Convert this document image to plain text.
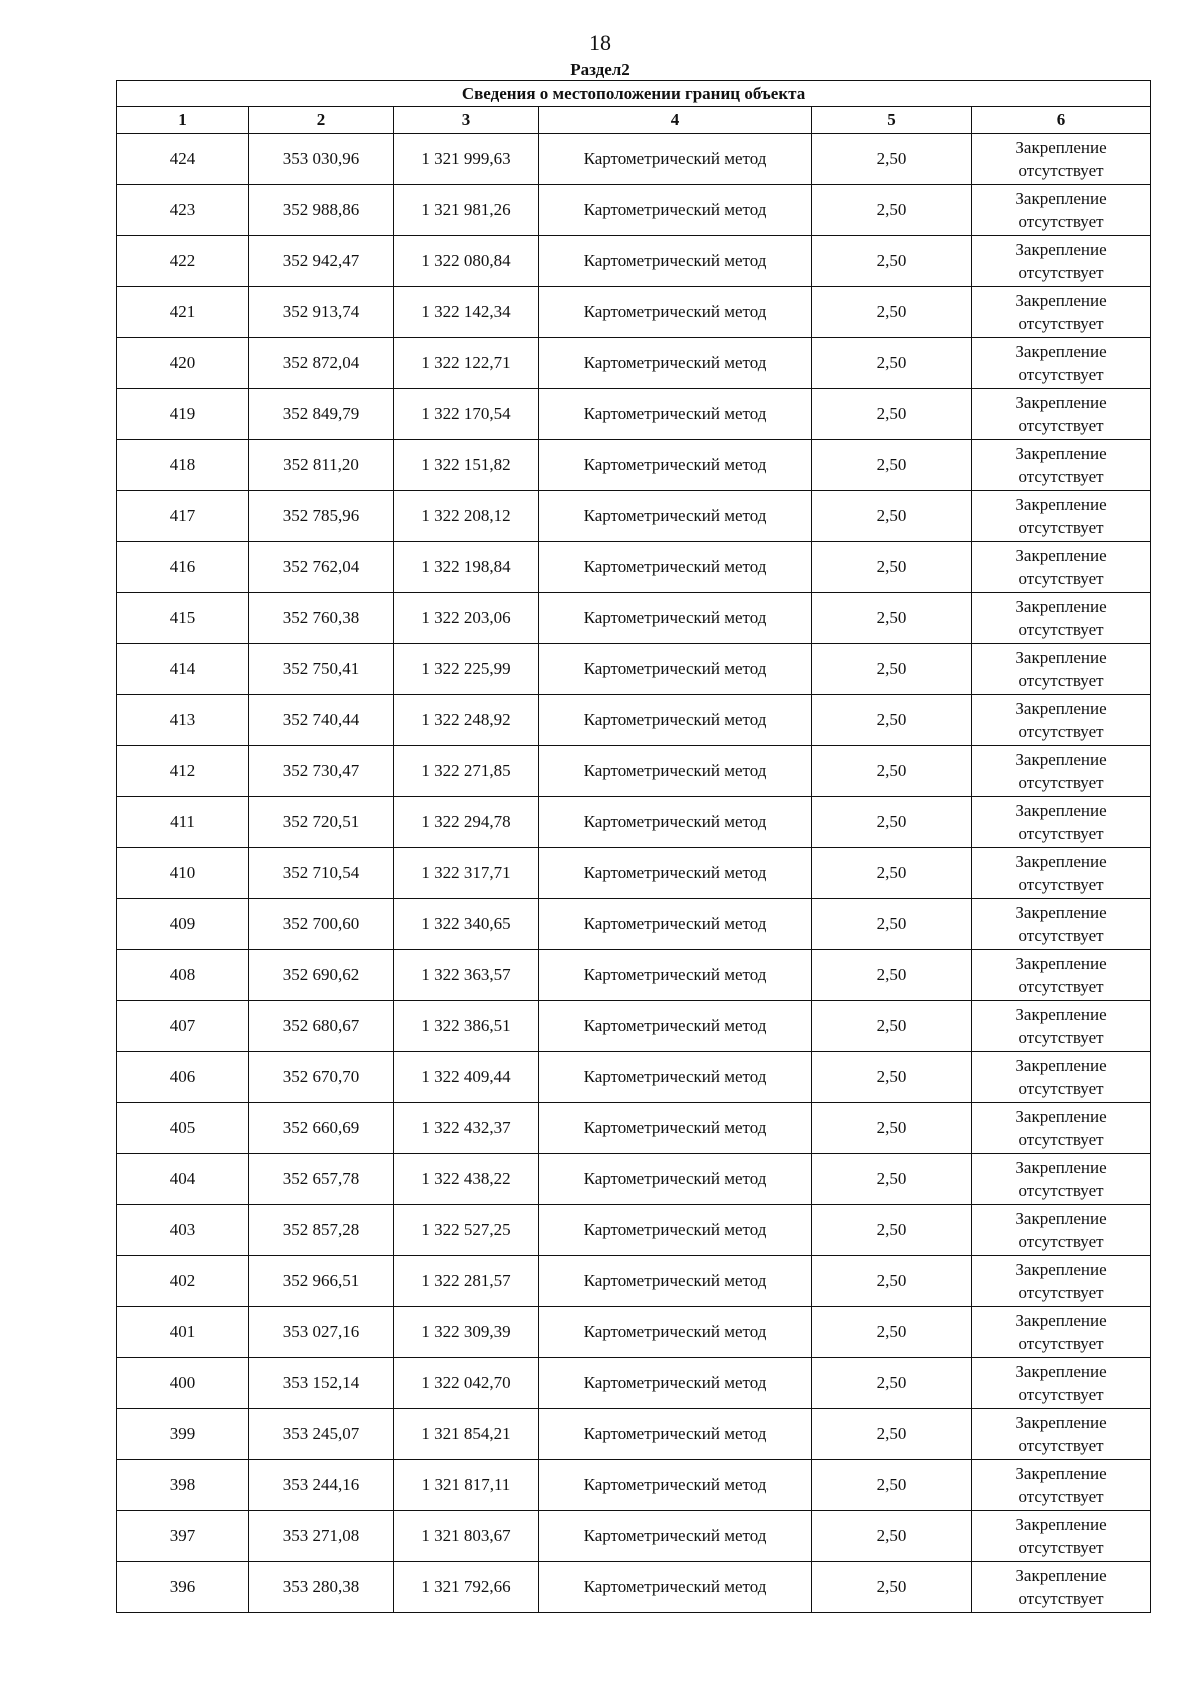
18
Раздел2
Сведения о местоположении границ объекта					
1	2	3	4	5	6
424	353 030,96	1 321 999,63	Картометрический метод	2,50	Закрепление
отсутствует

423	352 988,86	1 321 981,26	Картометрический метод	2,50	Закрепление
отсутствует

422	352 942,47	1 322 080,84	Картометрический метод	2,50	Закрепление
отсутствует

421	352 913,74	1 322 142,34	Картометрический метод	2,50	Закрепление
отсутствует

420	352 872,04	1 322 122,71	Картометрический метод	2,50	Закрепление
отсутствует

419	352 849,79	1 322 170,54	Картометрический метод	2,50	Закрепление
отсутствует

418	352 811,20	1 322 151,82	Картометрический метод	2,50	Закрепление
отсутствует

417	352 785,96	1 322 208,12	Картометрический метод	2,50	Закрепление
отсутствует

416	352 762,04	1 322 198,84	Картометрический метод	2,50	Закрепление
отсутствует

415	352 760,38	1 322 203,06	Картометрический метод	2,50	Закрепление
отсутствует

414	352 750,41	1 322 225,99	Картометрический метод	2,50	Закрепление
отсутствует

413	352 740,44	1 322 248,92	Картометрический метод	2,50	Закрепление
отсутствует

412	352 730,47	1 322 271,85	Картометрический метод	2,50	Закрепление
отсутствует

411	352 720,51	1 322 294,78	Картометрический метод	2,50	Закрепление
отсутствует

410	352 710,54	1 322 317,71	Картометрический метод	2,50	Закрепление
отсутствует

409	352 700,60	1 322 340,65	Картометрический метод	2,50	Закрепление
отсутствует

408	352 690,62	1 322 363,57	Картометрический метод	2,50	Закрепление
отсутствует

407	352 680,67	1 322 386,51	Картометрический метод	2,50	Закрепление
отсутствует

406	352 670,70	1 322 409,44	Картометрический метод	2,50	Закрепление
отсутствует

405	352 660,69	1 322 432,37	Картометрический метод	2,50	Закрепление
отсутствует

404	352 657,78	1 322 438,22	Картометрический метод	2,50	Закрепление
отсутствует

403	352 857,28	1 322 527,25	Картометрический метод	2,50	Закрепление
отсутствует

402	352 966,51	1 322 281,57	Картометрический метод	2,50	Закрепление
отсутствует

401	353 027,16	1 322 309,39	Картометрический метод	2,50	Закрепление
отсутствует

400	353 152,14	1 322 042,70	Картометрический метод	2,50	Закрепление
отсутствует

399	353 245,07	1 321 854,21	Картометрический метод	2,50	Закрепление
отсутствует

398	353 244,16	1 321 817,11	Картометрический метод	2,50	Закрепление
отсутствует

397	353 271,08	1 321 803,67	Картометрический метод	2,50	Закрепление
отсутствует

396	353 280,38	1 321 792,66	Картометрический метод	2,50	Закрепление
отсутствует
